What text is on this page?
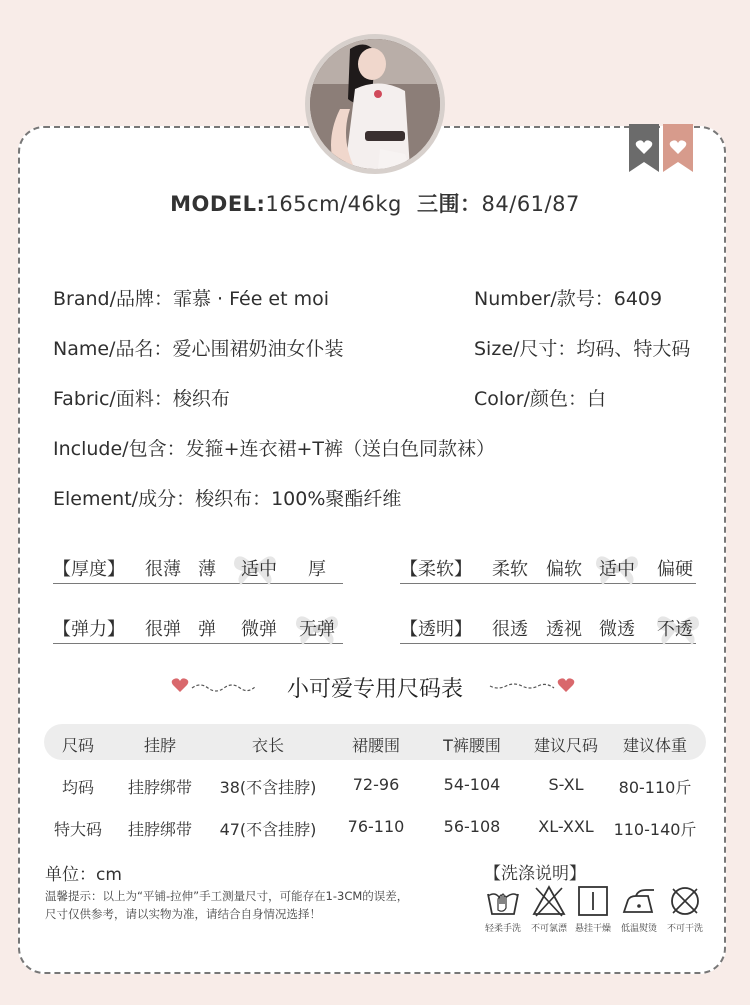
MODEL:165cm/46kg 三围：84/61/87
Brand/品牌：霏慕 · Fée et moi	Number/款号：6409
Name/品名：爱心围裙奶油女仆装	Size/尺寸：均码、特大码
Fabric/面料：梭织布	Color/颜色：白
Include/包含：发箍+连衣裙+T裤（送白色同款袜）
Element/成分：梭织布：100%聚酯纤维
【厚度】 很薄 薄 适中 厚	【柔软】 柔软 偏软 适中 偏硬
【弹力】 很弹 弹 微弹 无弹	【透明】 很透 透视 微透 不透
小可爱专用尺码表
尺码	挂脖	衣长	裙腰围	T裤腰围 建议尺码 建议体重
均码 挂脖绑带 38(不含挂脖) 72-96	54-104	S-XL 80-110斤
特大码 挂脖绑带 47(不含挂脖) 76-110 56-108 XL-XXL 110-140斤
单位：cm
温馨提示：以上为“平铺-拉伸”手工测量尺寸，可能存在1-3CM的误差，
尺寸仅供参考，请以实物为准，请结合自身情况选择！
【洗涤说明】
轻柔手洗 不可氯漂 悬挂干燥 低温熨烫 不可干洗
